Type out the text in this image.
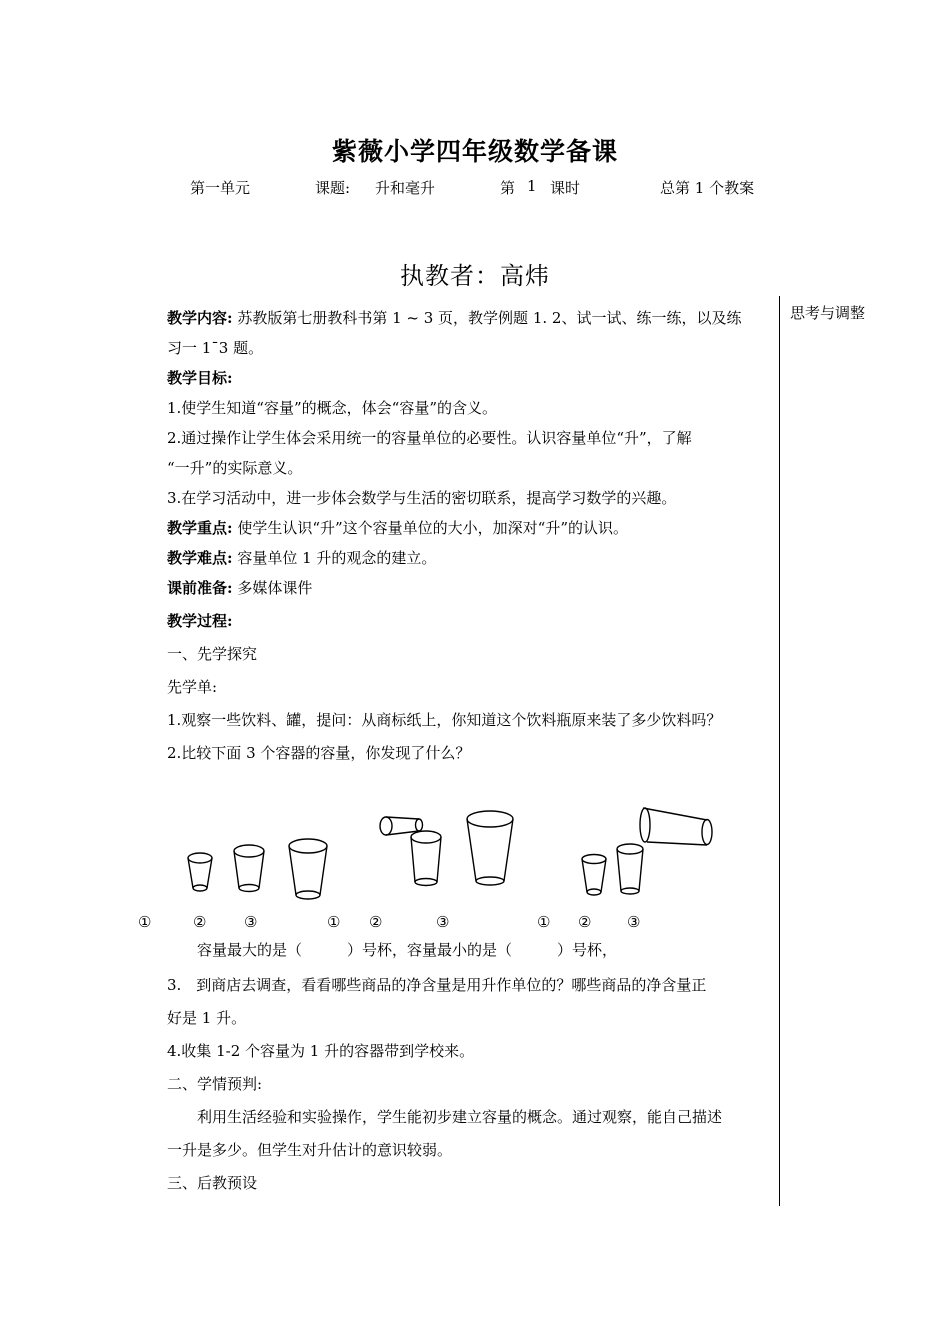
紫薇小学四年级数学备课
第一单元	课题: 升和毫升	第 1 课时	总第 1 个教案
执教者：高炜
思考与调整
教学内容: 苏教版第七册教科书第 1 ~ 3 页，教学例题 1. 2、试一试、练一练，以及练
习一 1¯3 题。
教学目标:
1.使学生知道“容量”的概念，体会“容量”的含义。
2.通过操作让学生体会采用统一的容量单位的必要性。认识容量单位“升”，了解
“一升”的实际意义。
3.在学习活动中，进一步体会数学与生活的密切联系，提高学习数学的兴趣。
教学重点: 使学生认识“升”这个容量单位的大小，加深对“升”的认识。
教学难点: 容量单位 1 升的观念的建立。
课前准备: 多媒体课件
教学过程:
一、先学探究
先学单:
1.观察一些饮料、罐，提问：从商标纸上，你知道这个饮料瓶原来装了多少饮料吗？
2.比较下面 3 个容器的容量，你发现了什么？
容量最大的是（　　　）号杯，容量最小的是（　　　）号杯，
3.　到商店去调查，看看哪些商品的净含量是用升作单位的？哪些商品的净含量正
好是 1 升。
4.收集 1-2 个容量为 1 升的容器带到学校来。
二、学情预判:
　　利用生活经验和实验操作，学生能初步建立容量的概念。通过观察，能自己描述
一升是多少。但学生对升估计的意识较弱。
三、后教预设
①	②	③	① ②	③	① ② ③
